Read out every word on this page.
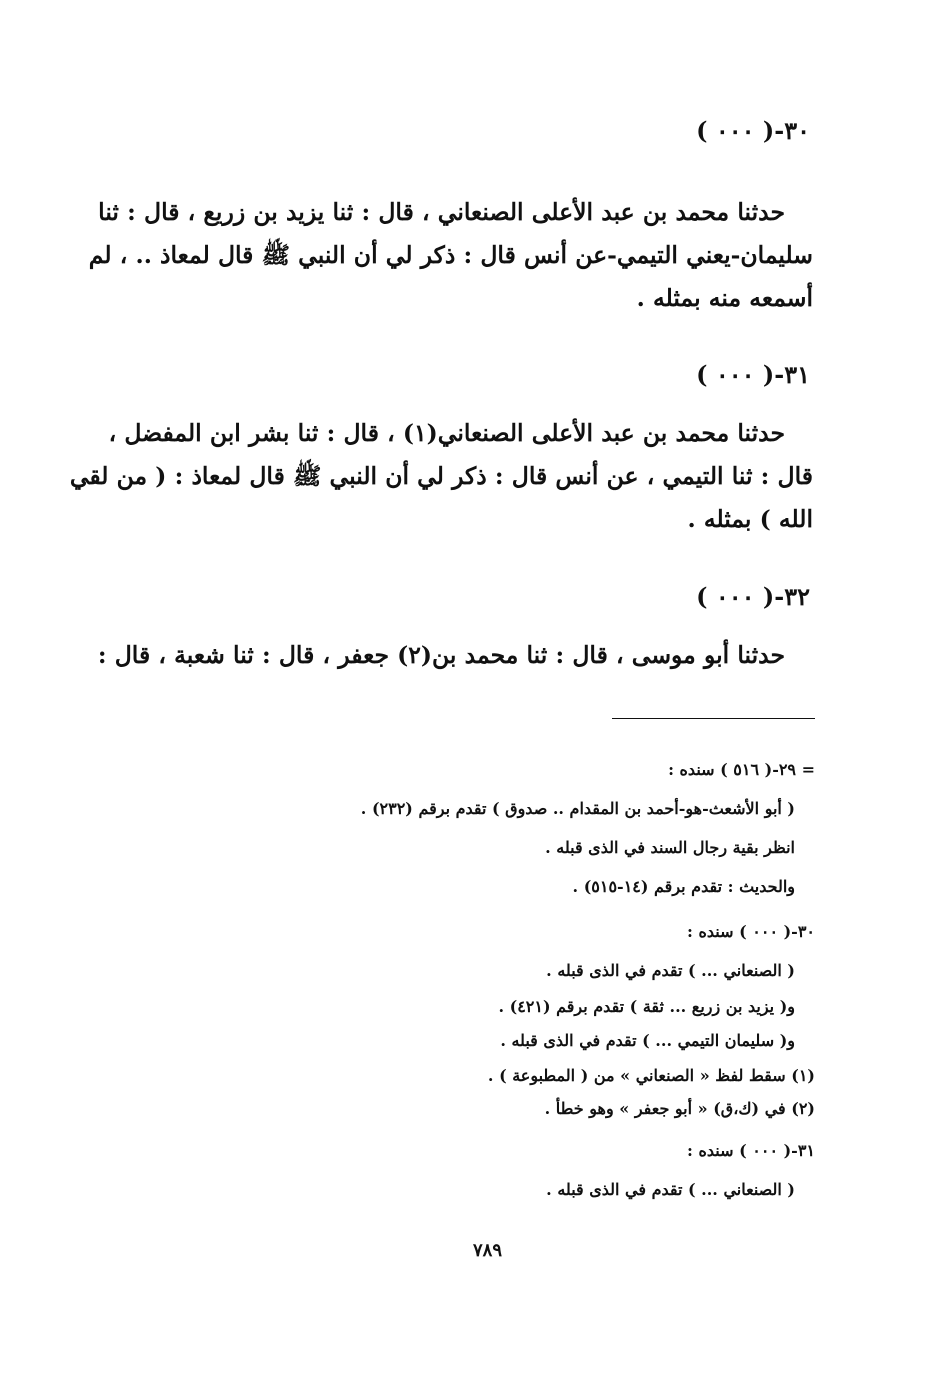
٣٠-( ٠٠٠ )
حدثنا محمد بن عبد الأعلى الصنعاني ، قال : ثنا يزيد بن زريع ، قال : ثنا
سليمان-يعني التيمي-عن أنس قال : ذكر لي أن النبي ﷺ قال لمعاذ .. ، لم
أسمعه منه بمثله .
٣١-( ٠٠٠ )
حدثنا محمد بن عبد الأعلى الصنعاني(١) ، قال : ثنا بشر ابن المفضل ،
قال : ثنا التيمي ، عن أنس قال : ذكر لي أن النبي ﷺ قال لمعاذ : ( من لقي
الله ) بمثله .
٣٢-( ٠٠٠ )
حدثنا أبو موسى ، قال : ثنا محمد بن(٢) جعفر ، قال : ثنا شعبة ، قال :
= ٢٩-( ٥١٦ ) سنده :
( أبو الأشعث-هو-أحمد بن المقدام .. صدوق ) تقدم برقم (٢٣٢) .
انظر بقية رجال السند في الذى قبله .
والحديث : تقدم برقم (١٤-٥١٥) .
٣٠-( ٠٠٠ ) سنده :
( الصنعاني ... ) تقدم في الذى قبله .
و( يزيد بن زريع ... ثقة ) تقدم برقم (٤٢١) .
و( سليمان التيمي ... ) تقدم في الذى قبله .
(١) سقط لفظ « الصنعاني » من ( المطبوعة ) .
(٢) في (ك،ق) « أبو جعفر » وهو خطأ .
٣١-( ٠٠٠ ) سنده :
( الصنعاني ... ) تقدم في الذى قبله .
٧٨٩
